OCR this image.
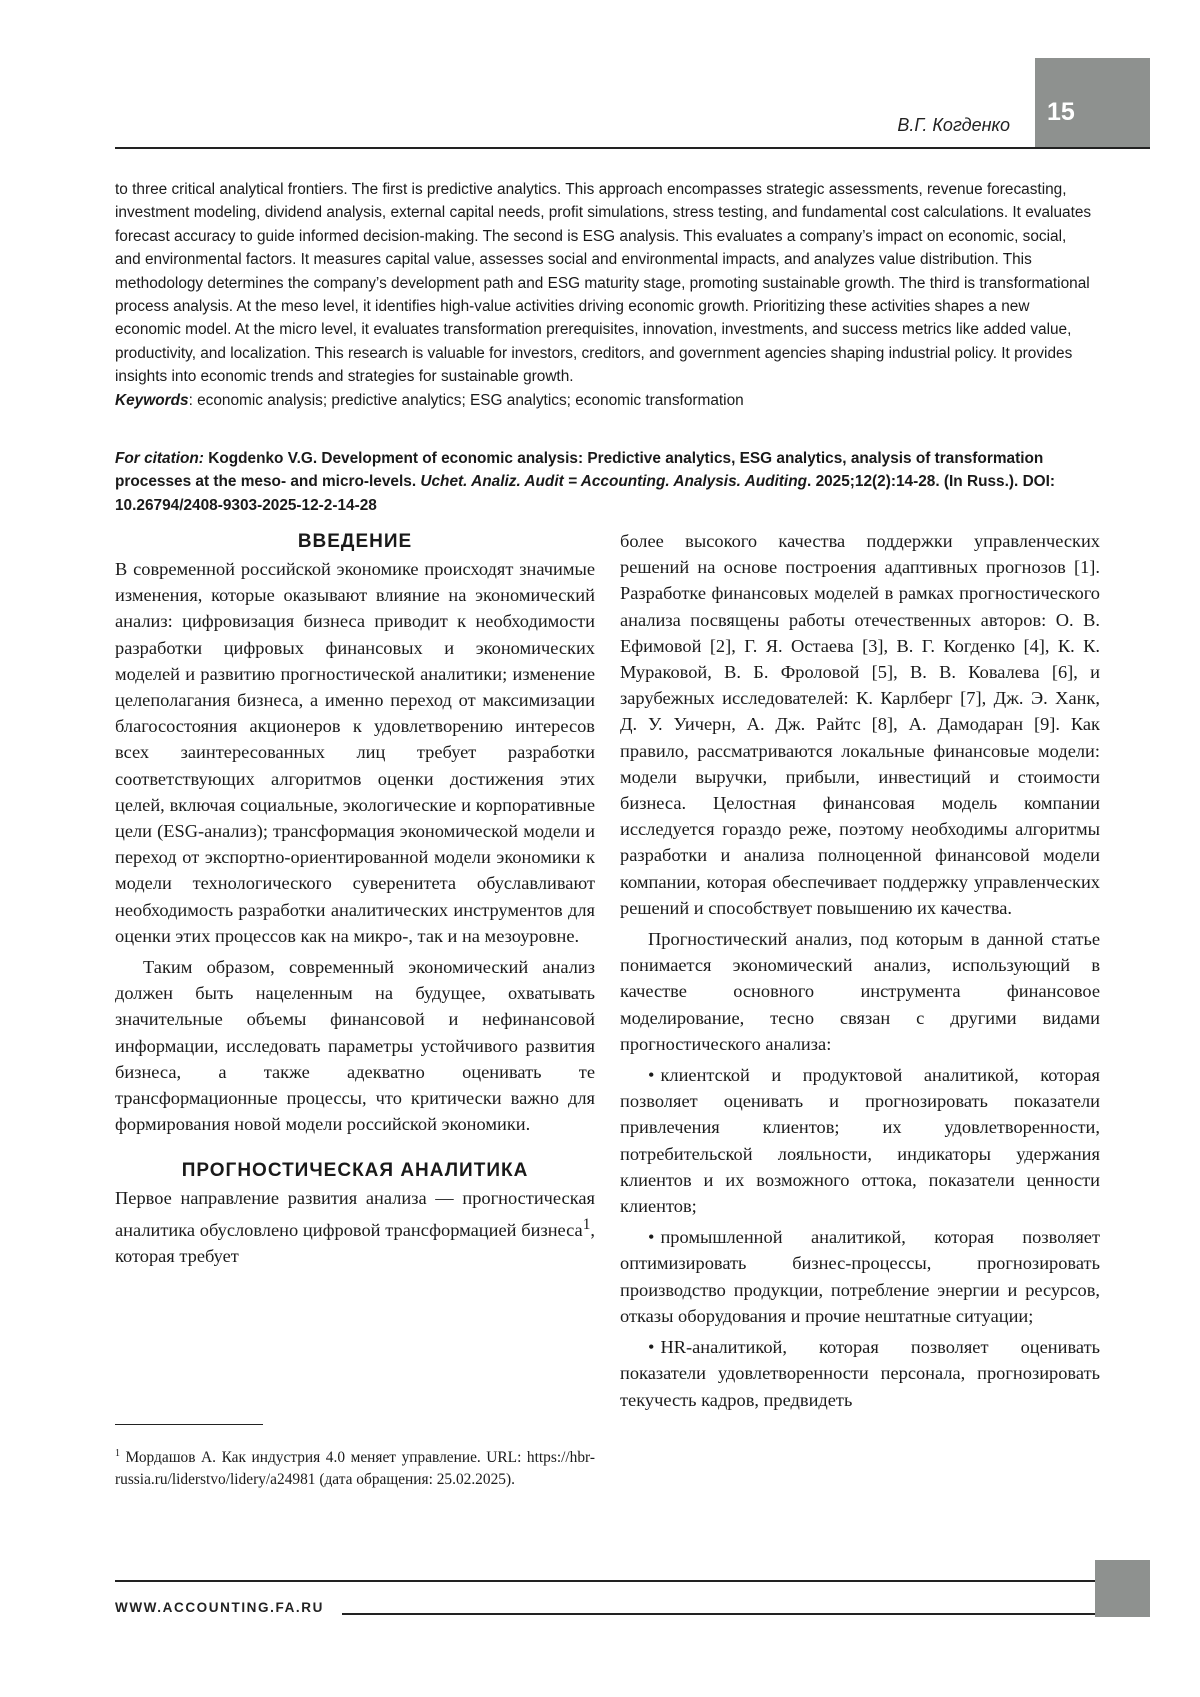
В.Г. Когденко	15

to three critical analytical frontiers. The first is predictive analytics. This approach encompasses strategic assessments, revenue forecasting, investment modeling, dividend analysis, external capital needs, profit simulations, stress testing, and fundamental cost calculations. It evaluates forecast accuracy to guide informed decision-making. The second is ESG analysis. This evaluates a company’s impact on economic, social, and environmental factors. It measures capital value, assesses social and environmental impacts, and analyzes value distribution. This methodology determines the company’s development path and ESG maturity stage, promoting sustainable growth. The third is transformational process analysis. At the meso level, it identifies high-value activities driving economic growth. Prioritizing these activities shapes a new economic model. At the micro level, it evaluates transformation prerequisites, innovation, investments, and success metrics like added value, productivity, and localization. This research is valuable for investors, creditors, and government agencies shaping industrial policy. It provides insights into economic trends and strategies for sustainable growth.

Keywords: economic analysis; predictive analytics; ESG analytics; economic transformation

For citation: Kogdenko V.G. Development of economic analysis: Predictive analytics, ESG analytics, analysis of transformation processes at the meso- and micro-levels. Uchet. Analiz. Audit = Accounting. Analysis. Auditing. 2025;12(2):14-28. (In Russ.). DOI: 10.26794/2408-9303-2025-12-2-14-28
ВВЕДЕНИЕ

В современной российской экономике происходят значимые изменения, которые оказывают влияние на экономический анализ: цифровизация бизнеса приводит к необходимости разработки цифровых финансовых и экономических моделей и развитию прогностической аналитики; изменение целеполагания бизнеса, а именно переход от максимизации благосостояния акционеров к удовлетворению интересов всех заинтересованных лиц требует разработки соответствующих алгоритмов оценки достижения этих целей, включая социальные, экологические и корпоративные цели (ESG-анализ); трансформация экономической модели и переход от экспортно-ориентированной модели экономики к модели технологического суверенитета обуславливают необходимость разработки аналитических инструментов для оценки этих процессов как на микро-, так и на мезоуровне.

Таким образом, современный экономический анализ должен быть нацеленным на будущее, охватывать значительные объемы финансовой и нефинансовой информации, исследовать параметры устойчивого развития бизнеса, а также адекватно оценивать те трансформационные процессы, что критически важно для формирования новой модели российской экономики.

ПРОГНОСТИЧЕСКАЯ АНАЛИТИКА

Первое направление развития анализа — прогностическая аналитика обусловлено цифровой трансформацией бизнеса$^1$, которая требует

более высокого качества поддержки управленческих решений на основе построения адаптивных прогнозов [1]. Разработке финансовых моделей в рамках прогностического анализа посвящены работы отечественных авторов: О. В. Ефимовой [2], Г. Я. Остаева [3], В. Г. Когденко [4], К. К. Мураковой, В. Б. Фроловой [5], В. В. Ковалева [6], и зарубежных исследователей: К. Карлберг [7], Дж. Э. Ханк, Д. У. Уичерн, А. Дж. Райтс [8], А. Дамодаран [9]. Как правило, рассматриваются локальные финансовые модели: модели выручки, прибыли, инвестиций и стоимости бизнеса. Целостная финансовая модель компании исследуется гораздо реже, поэтому необходимы алгоритмы разработки и анализа полноценной финансовой модели компании, которая обеспечивает поддержку управленческих решений и способствует повышению их качества.

Прогностический анализ, под которым в данной статье понимается экономический анализ, использующий в качестве основного инструмента финансовое моделирование, тесно связан с другими видами прогностического анализа:

• клиентской и продуктовой аналитикой, которая позволяет оценивать и прогнозировать показатели привлечения клиентов; их удовлетворенности, потребительской лояльности, индикаторы удержания клиентов и их возможного оттока, показатели ценности клиентов;

• промышленной аналитикой, которая позволяет оптимизировать бизнес-процессы, прогнозировать производство продукции, потребление энергии и ресурсов, отказы оборудования и прочие нештатные ситуации;

• HR-аналитикой, которая позволяет оценивать показатели удовлетворенности персонала, прогнозировать текучесть кадров, предвидеть

$^1$ Мордашов А. Как индустрия 4.0 меняет управление. URL: https://hbr-russia.ru/liderstvo/lidery/a24981 (дата обращения: 25.02.2025).
WWW.ACCOUNTING.FA.RU
